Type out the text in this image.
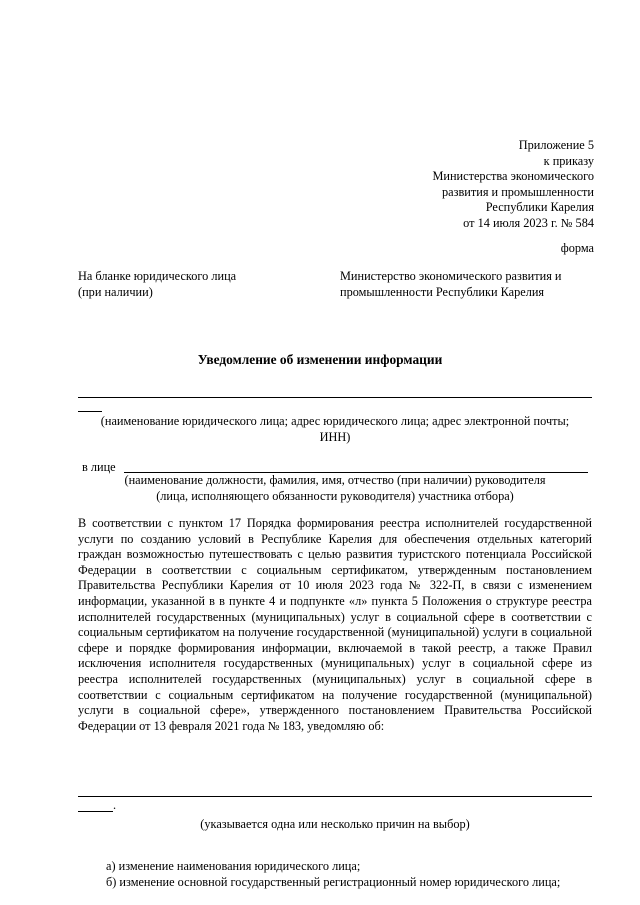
Приложение 5
к приказу
Министерства экономического
развития и промышленности
Республики Карелия
от 14 июля 2023 г. № 584
форма
На бланке юридического лица
(при наличии)
Министерство экономического развития и
промышленности Республики Карелия
Уведомление об изменении информации
(наименование юридического лица; адрес юридического лица; адрес электронной почты;
ИНН)
в лице
(наименование должности, фамилия, имя, отчество (при наличии) руководителя
(лица, исполняющего обязанности руководителя) участника отбора)
В соответствии с пунктом 17 Порядка формирования реестра исполнителей государственной услуги по созданию условий в Республике Карелия для обеспечения отдельных категорий граждан возможностью путешествовать с целью развития туристского потенциала Российской Федерации в соответствии с социальным сертификатом, утвержденным постановлением Правительства Республики Карелия от 10 июля 2023 года № 322-П, в связи с изменением информации, указанной в в пункте 4 и подпункте «л» пункта 5 Положения о структуре реестра исполнителей государственных (муниципальных) услуг в социальной сфере в соответствии с социальным сертификатом на получение государственной (муниципальной) услуги в социальной сфере и порядке формирования информации, включаемой в такой реестр, а также Правил исключения исполнителя государственных (муниципальных) услуг в социальной сфере из реестра исполнителей государственных (муниципальных) услуг в социальной сфере в соответствии с социальным сертификатом на получение государственной (муниципальной) услуги в социальной сфере», утвержденного постановлением Правительства Российской Федерации от 13 февраля 2021 года № 183, уведомляю об:
.
(указывается одна или несколько причин на выбор)
а) изменение наименования юридического лица;
б) изменение основной государственный регистрационный номер юридического лица;
